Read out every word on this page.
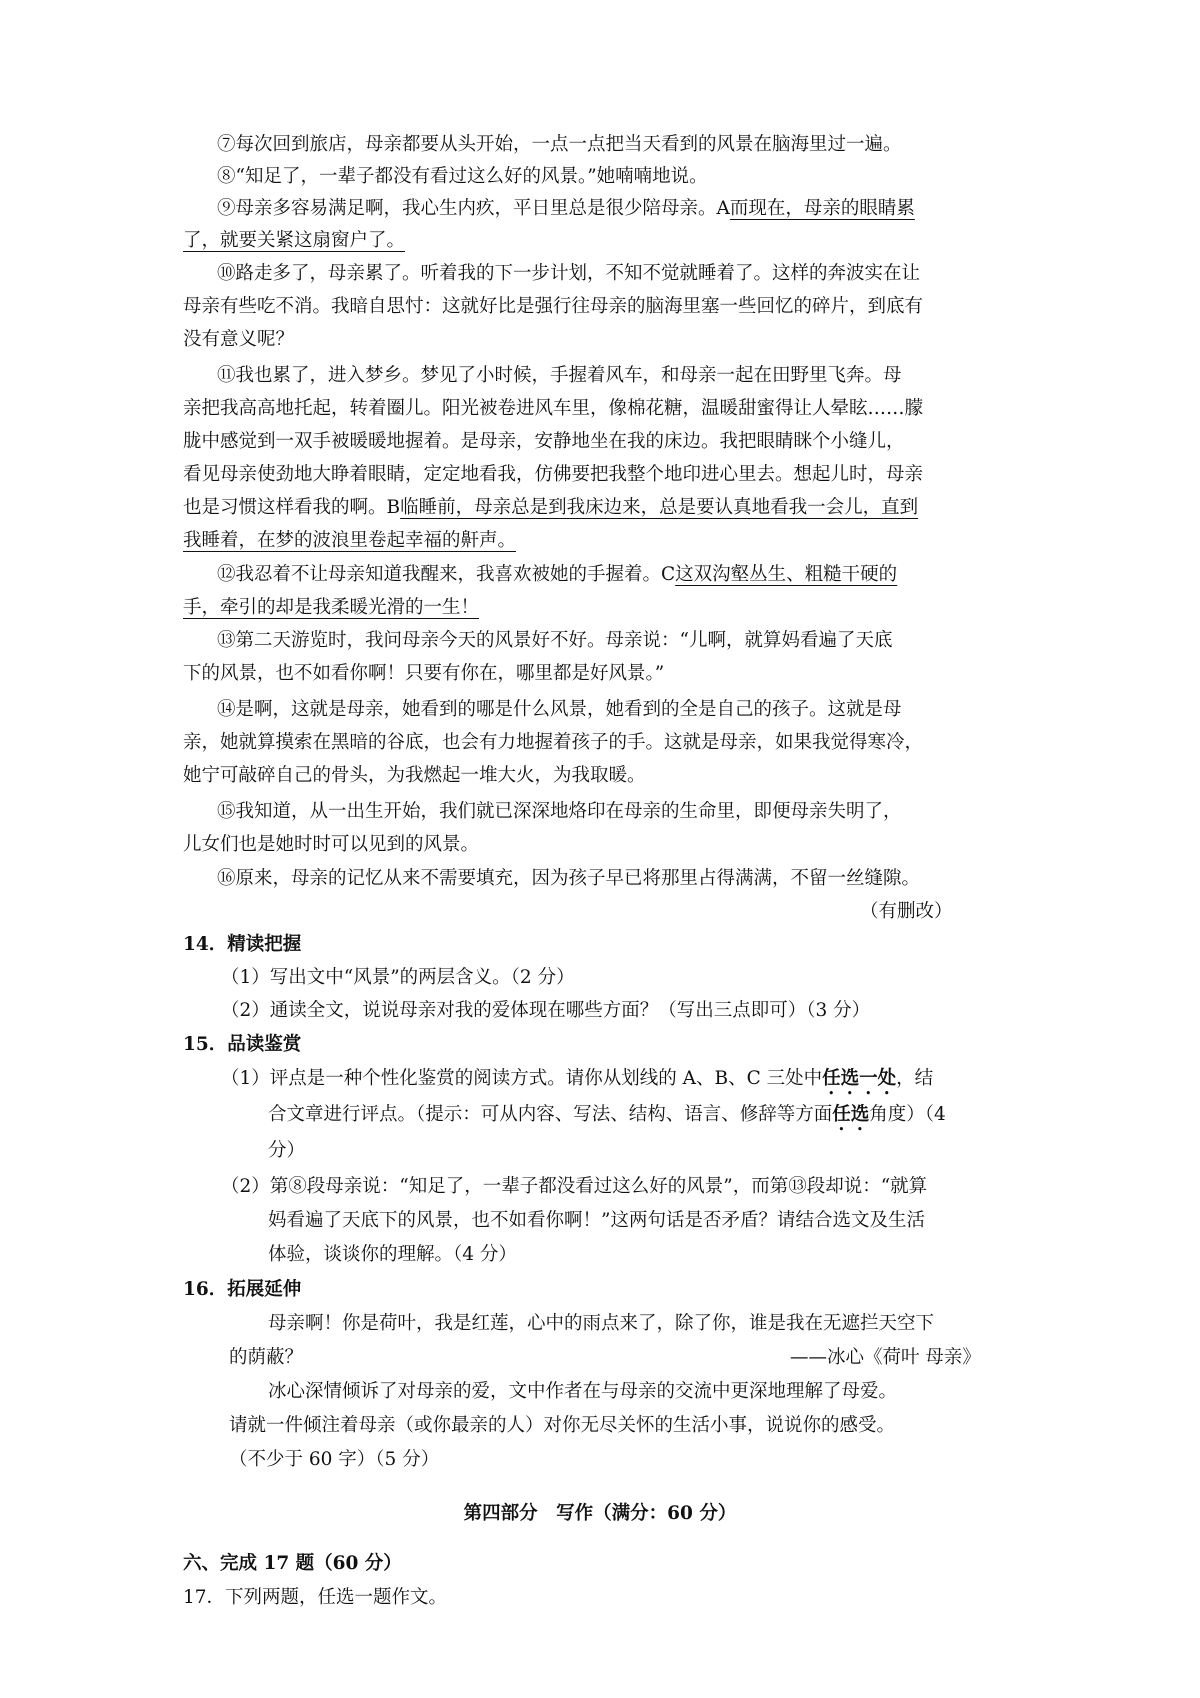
⑦每次回到旅店，母亲都要从头开始，一点一点把当天看到的风景在脑海里过一遍。
⑧“知足了，一辈子都没有看过这么好的风景。”她喃喃地说。
⑨母亲多容易满足啊，我心生内疚，平日里总是很少陪母亲。A而现在，母亲的眼睛累
了，就要关紧这扇窗户了。
⑩路走多了，母亲累了。听着我的下一步计划，不知不觉就睡着了。这样的奔波实在让
母亲有些吃不消。我暗自思忖：这就好比是强行往母亲的脑海里塞一些回忆的碎片，到底有
没有意义呢？
⑪我也累了，进入梦乡。梦见了小时候，手握着风车，和母亲一起在田野里飞奔。母
亲把我高高地托起，转着圈儿。阳光被卷进风车里，像棉花糖，温暖甜蜜得让人晕眩……朦
胧中感觉到一双手被暖暖地握着。是母亲，安静地坐在我的床边。我把眼睛眯个小缝儿，
看见母亲使劲地大睁着眼睛，定定地看我，仿佛要把我整个地印进心里去。想起儿时，母亲
也是习惯这样看我的啊。B临睡前，母亲总是到我床边来，总是要认真地看我一会儿，直到
我睡着，在梦的波浪里卷起幸福的鼾声。
⑫我忍着不让母亲知道我醒来，我喜欢被她的手握着。C这双沟壑丛生、粗糙干硬的
手，牵引的却是我柔暖光滑的一生！
⑬第二天游览时，我问母亲今天的风景好不好。母亲说：“儿啊，就算妈看遍了天底
下的风景，也不如看你啊！只要有你在，哪里都是好风景。”
⑭是啊，这就是母亲，她看到的哪是什么风景，她看到的全是自己的孩子。这就是母
亲，她就算摸索在黑暗的谷底，也会有力地握着孩子的手。这就是母亲，如果我觉得寒冷，
她宁可敲碎自己的骨头，为我燃起一堆大火，为我取暖。
⑮我知道，从一出生开始，我们就已深深地烙印在母亲的生命里，即便母亲失明了，
儿女们也是她时时可以见到的风景。
⑯原来，母亲的记忆从来不需要填充，因为孩子早已将那里占得满满，不留一丝缝隙。
（有删改）
14．精读把握
（1）写出文中“风景”的两层含义。（2 分）
（2）通读全文，说说母亲对我的爱体现在哪些方面？（写出三点即可）（3 分）
15．品读鉴赏
（1）评点是一种个性化鉴赏的阅读方式。请你从划线的 A、B、C 三处中任选一处，结
合文章进行评点。（提示：可从内容、写法、结构、语言、修辞等方面任选角度）（4
分）
（2）第⑧段母亲说：“知足了，一辈子都没看过这么好的风景”，而第⑬段却说：“就算
妈看遍了天底下的风景，也不如看你啊！”这两句话是否矛盾？请结合选文及生活
体验，谈谈你的理解。（4 分）
16．拓展延伸
母亲啊！你是荷叶，我是红莲，心中的雨点来了，除了你，谁是我在无遮拦天空下
的荫蔽？	——冰心《荷叶 母亲》
冰心深情倾诉了对母亲的爱，文中作者在与母亲的交流中更深地理解了母爱。
请就一件倾注着母亲（或你最亲的人）对你无尽关怀的生活小事，说说你的感受。
（不少于 60 字）（5 分）
第四部分　写作（满分：60 分）
六、完成 17 题（60 分）
17．下列两题，任选一题作文。
